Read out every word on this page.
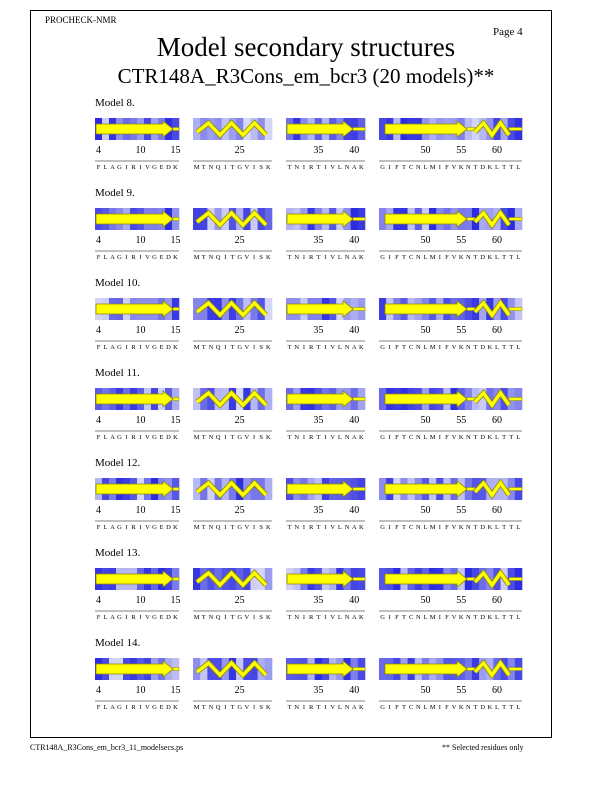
PROCHECK-NMR
Page 4
Model secondary structures
CTR148A_R3Cons_em_bcr3 (20 models)**
Model 8.
4	10	15
F L A G I R I V G E D K
25
M T N Q I T G V I S K
35	40
T N I R T I V L N A K
50	55	60
G I F T C N L M I F V K N T D K L T T L
Model 9.
4	10	15
F L A G I R I V G E D K
25
M T N Q I T G V I S K
35	40
T N I R T I V L N A K
50	55	60
G I F T C N L M I F V K N T D K L T T L
Model 10.
4	10	15
F L A G I R I V G E D K
25
M T N Q I T G V I S K
35	40
T N I R T I V L N A K
50	55	60
G I F T C N L M I F V K N T D K L T T L
Model 11.
4	10	15
F L A G I R I V G E D K
25
M T N Q I T G V I S K
35	40
T N I R T I V L N A K
50	55	60
G I F T C N L M I F V K N T D K L T T L
Model 12.
4	10	15
F L A G I R I V G E D K
25
M T N Q I T G V I S K
35	40
T N I R T I V L N A K
50	55	60
G I F T C N L M I F V K N T D K L T T L
Model 13.
4	10	15
F L A G I R I V G E D K
25
M T N Q I T G V I S K
35	40
T N I R T I V L N A K
50	55	60
G I F T C N L M I F V K N T D K L T T L
Model 14.
4	10	15
F L A G I R I V G E D K
25
M T N Q I T G V I S K
35	40
T N I R T I V L N A K
50	55	60
G I F T C N L M I F V K N T D K L T T L
CTR148A_R3Cons_em_bcr3_11_modelsecs.ps	** Selected residues only
